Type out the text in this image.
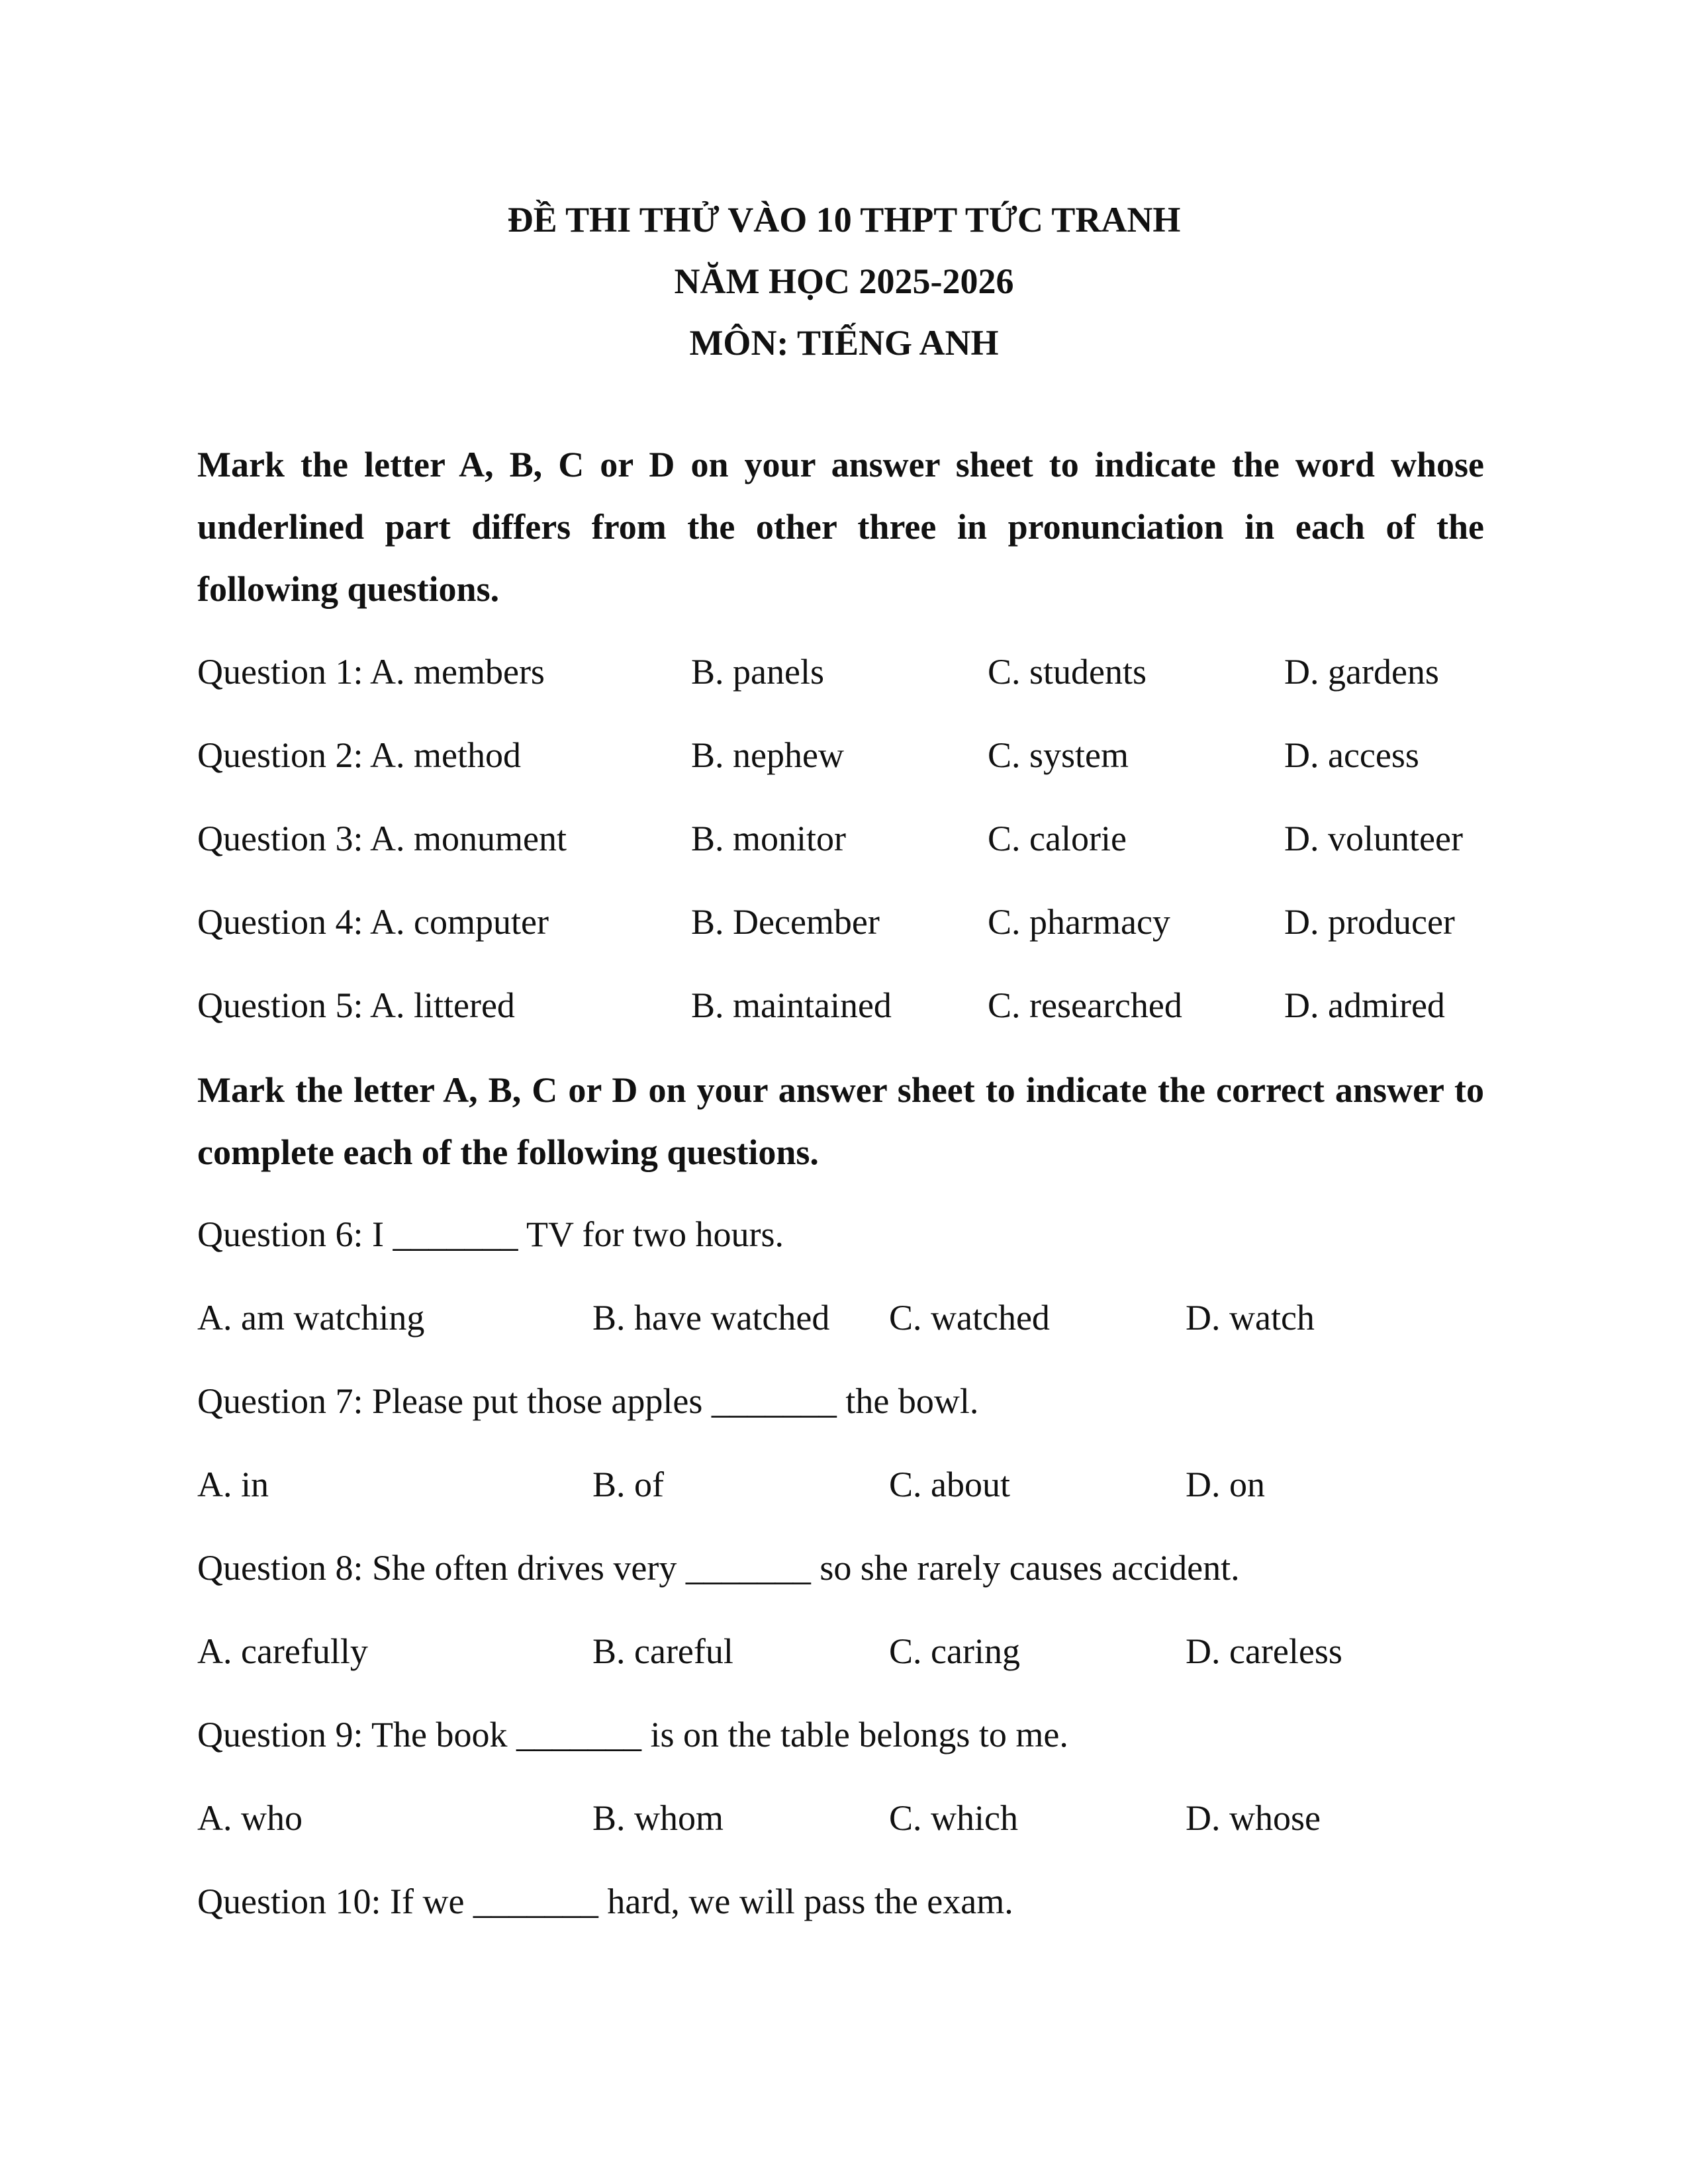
ĐỀ THI THỬ VÀO 10 THPT TỨC TRANH
NĂM HỌC 2025-2026
MÔN: TIẾNG ANH
Mark the letter A, B, C or D on your answer sheet to indicate the word whose underlined part differs from the other three in pronunciation in each of the following questions.
Question 1: A. members	B. panels	C. students	D. gardens
Question 2: A. method	B. nephew	C. system	D. access
Question 3: A. monument	B. monitor	C. calorie	D. volunteer
Question 4: A. computer	B. December	C. pharmacy	D. producer
Question 5: A. littered	B. maintained	C. researched	D. admired
Mark the letter A, B, C or D on your answer sheet to indicate the correct answer to complete each of the following questions.
Question 6: I _______ TV for two hours.
A. am watching	B. have watched C. watched	D. watch
Question 7: Please put those apples _______ the bowl.
A. in	B. of	C. about	D. on
Question 8: She often drives very _______ so she rarely causes accident.
A. carefully	B. careful	C. caring	D. careless
Question 9: The book _______ is on the table belongs to me.
A. who	B. whom	C. which	D. whose
Question 10: If we _______ hard, we will pass the exam.
